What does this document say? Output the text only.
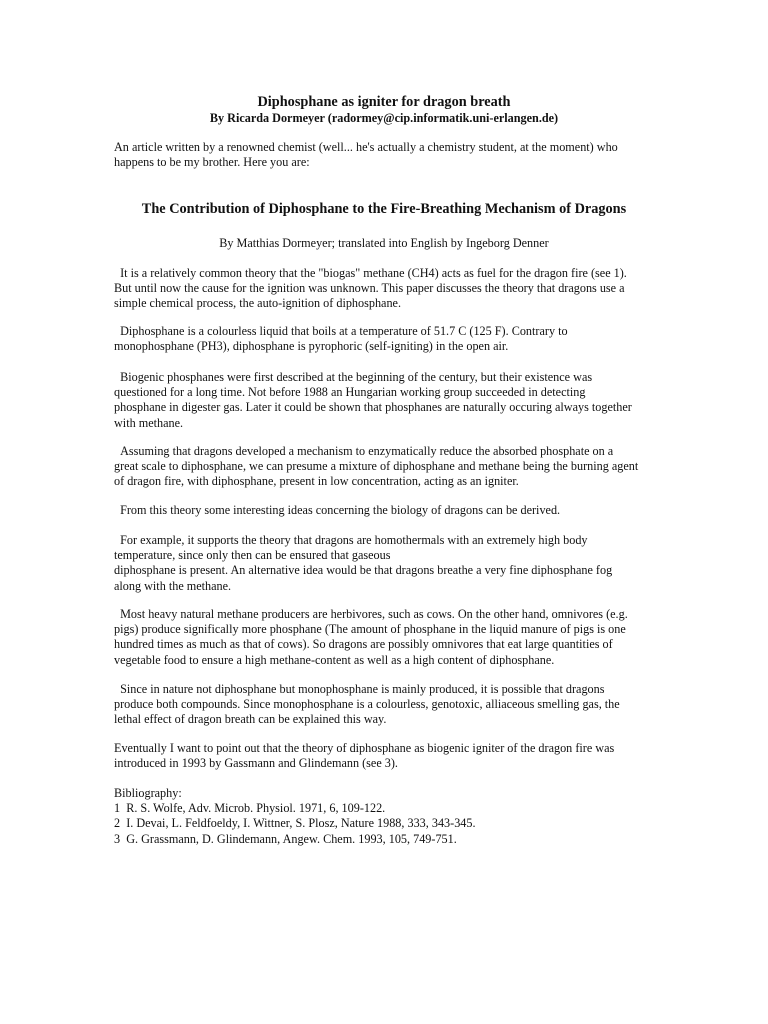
Diphosphane as igniter for dragon breath

By Ricarda Dormeyer (radormey@cip.informatik.uni-erlangen.de)

An article written by a renowned chemist (well... he's actually a chemistry student, at the moment) who
happens to be my brother. Here you are:

The Contribution of Diphosphane to the Fire-Breathing Mechanism of Dragons

By Matthias Dormeyer; translated into English by Ingeborg Denner

It is a relatively common theory that the "biogas" methane (CH4) acts as fuel for the dragon fire (see 1).
But until now the cause for the ignition was unknown. This paper discusses the theory that dragons use a
simple chemical process, the auto-ignition of diphosphane.

Diphosphane is a colourless liquid that boils at a temperature of 51.7 C (125 F). Contrary to
monophosphane (PH3), diphosphane is pyrophoric (self-igniting) in the open air.

Biogenic phosphanes were first described at the beginning of the century, but their existence was
questioned for a long time. Not before 1988 an Hungarian working group succeeded in detecting
phosphane in digester gas. Later it could be shown that phosphanes are naturally occuring always together
with methane.

Assuming that dragons developed a mechanism to enzymatically reduce the absorbed phosphate on a
great scale to diphosphane, we can presume a mixture of diphosphane and methane being the burning agent
of dragon fire, with diphosphane, present in low concentration, acting as an igniter.

From this theory some interesting ideas concerning the biology of dragons can be derived.

For example, it supports the theory that dragons are homothermals with an extremely high body
temperature, since only then can be ensured that gaseous
diphosphane is present. An alternative idea would be that dragons breathe a very fine diphosphane fog
along with the methane.

Most heavy natural methane producers are herbivores, such as cows. On the other hand, omnivores (e.g.
pigs) produce significally more phosphane (The amount of phosphane in the liquid manure of pigs is one
hundred times as much as that of cows). So dragons are possibly omnivores that eat large quantities of
vegetable food to ensure a high methane-content as well as a high content of diphosphane.

Since in nature not diphosphane but monophosphane is mainly produced, it is possible that dragons
produce both compounds. Since monophosphane is a colourless, genotoxic, alliaceous smelling gas, the
lethal effect of dragon breath can be explained this way.

Eventually I want to point out that the theory of diphosphane as biogenic igniter of the dragon fire was
introduced in 1993 by Gassmann and Glindemann (see 3).

Bibliography:

1  R. S. Wolfe, Adv. Microb. Physiol. 1971, 6, 109-122.

2  I. Devai, L. Feldfoeldy, I. Wittner, S. Plosz, Nature 1988, 333, 343-345.

3  G. Grassmann, D. Glindemann, Angew. Chem. 1993, 105, 749-751.
